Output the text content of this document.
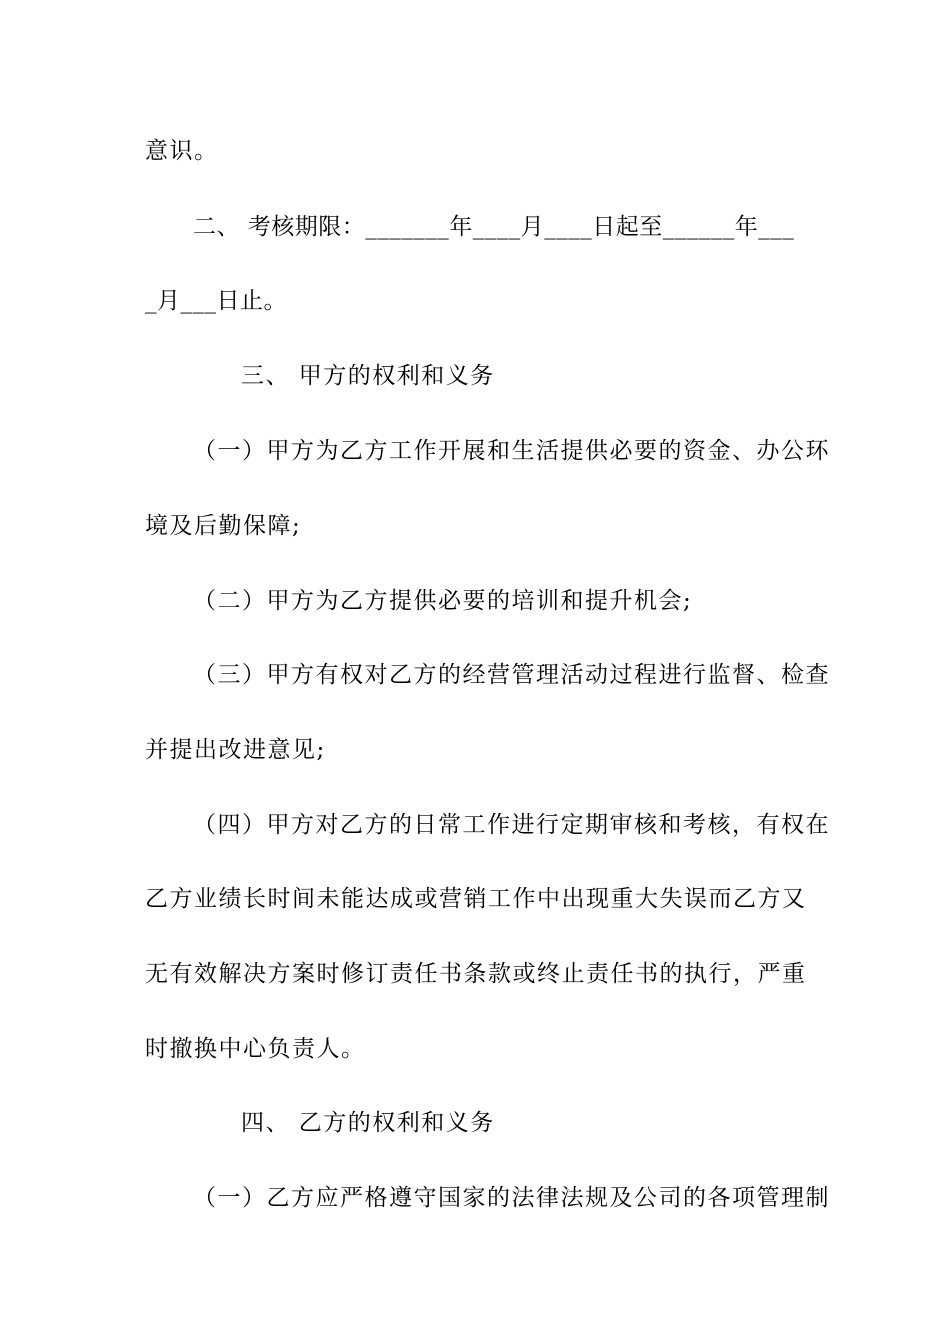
意识。
二、 考核期限：_______年____月____日起至______年___
_月___日止。
三、 甲方的权利和义务
（一）甲方为乙方工作开展和生活提供必要的资金、办公环
境及后勤保障;
（二）甲方为乙方提供必要的培训和提升机会;
（三）甲方有权对乙方的经营管理活动过程进行监督、检查
并提出改进意见;
（四）甲方对乙方的日常工作进行定期审核和考核，有权在
乙方业绩长时间未能达成或营销工作中出现重大失误而乙方又
无有效解决方案时修订责任书条款或终止责任书的执行，严重
时撤换中心负责人。
四、 乙方的权利和义务
（一）乙方应严格遵守国家的法律法规及公司的各项管理制
